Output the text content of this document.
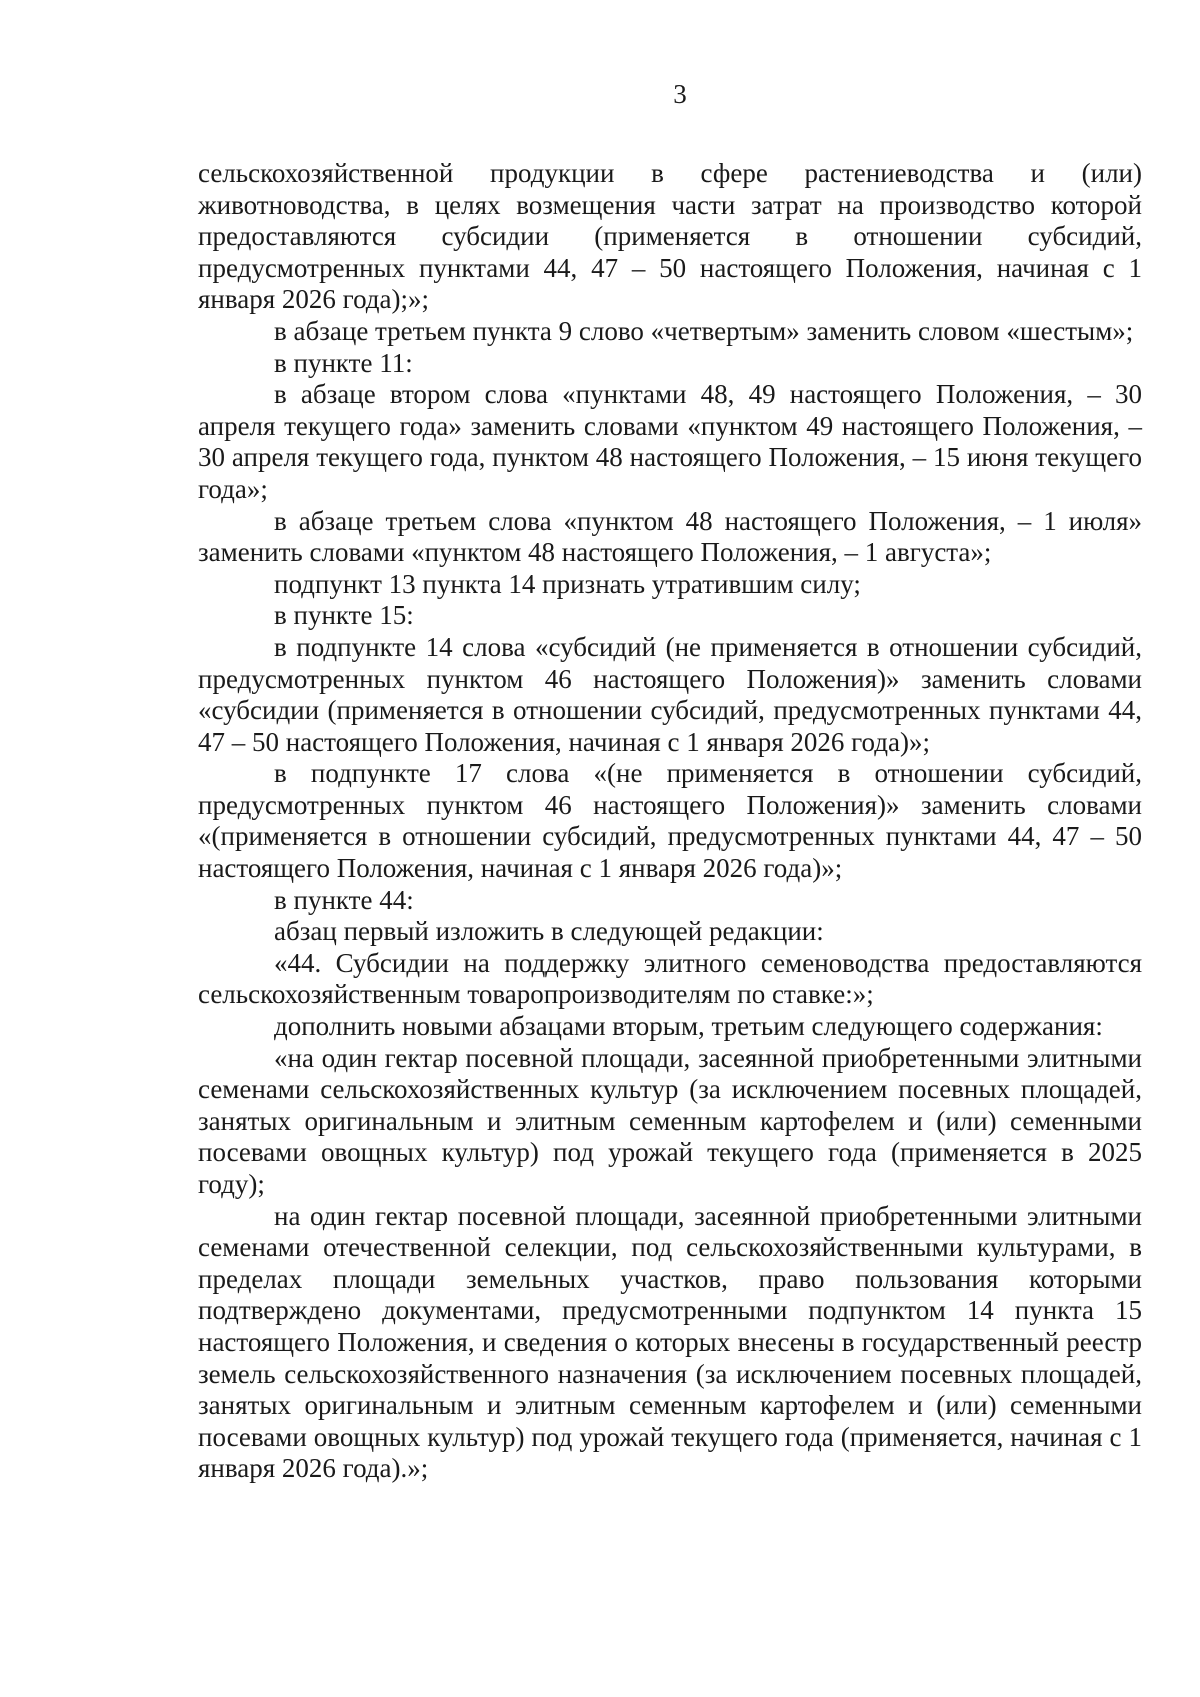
3

сельскохозяйственной продукции в сфере растениеводства и (или) животноводства, в целях возмещения части затрат на производство которой предоставляются субсидии (применяется в отношении субсидий, предусмотренных пунктами 44, 47 – 50 настоящего Положения, начиная с 1 января 2026 года);»;

в абзаце третьем пункта 9 слово «четвертым» заменить словом «шестым»;

в пункте 11:

в абзаце втором слова «пунктами 48, 49 настоящего Положения, – 30 апреля текущего года» заменить словами «пунктом 49 настоящего Положения, – 30 апреля текущего года, пунктом 48 настоящего Положения, – 15 июня текущего года»;

в абзаце третьем слова «пунктом 48 настоящего Положения, – 1 июля» заменить словами «пунктом 48 настоящего Положения, – 1 августа»;

подпункт 13 пункта 14 признать утратившим силу;

в пункте 15:

в подпункте 14 слова «субсидий (не применяется в отношении субсидий, предусмотренных пунктом 46 настоящего Положения)» заменить словами «субсидии (применяется в отношении субсидий, предусмотренных пунктами 44, 47 – 50 настоящего Положения, начиная с 1 января 2026 года)»;

в подпункте 17 слова «(не применяется в отношении субсидий, предусмотренных пунктом 46 настоящего Положения)» заменить словами «(применяется в отношении субсидий, предусмотренных пунктами 44, 47 – 50 настоящего Положения, начиная с 1 января 2026 года)»;

в пункте 44:

абзац первый изложить в следующей редакции:

«44. Субсидии на поддержку элитного семеноводства предоставляются сельскохозяйственным товаропроизводителям по ставке:»;

дополнить новыми абзацами вторым, третьим следующего содержания:

«на один гектар посевной площади, засеянной приобретенными элитными семенами сельскохозяйственных культур (за исключением посевных площадей, занятых оригинальным и элитным семенным картофелем и (или) семенными посевами овощных культур) под урожай текущего года (применяется в 2025 году);

на один гектар посевной площади, засеянной приобретенными элитными семенами отечественной селекции, под сельскохозяйственными культурами, в пределах площади земельных участков, право пользования которыми подтверждено документами, предусмотренными подпунктом 14 пункта 15 настоящего Положения, и сведения о которых внесены в государственный реестр земель сельскохозяйственного назначения (за исключением посевных площадей, занятых оригинальным и элитным семенным картофелем и (или) семенными посевами овощных культур) под урожай текущего года (применяется, начиная с 1 января 2026 года).»;
